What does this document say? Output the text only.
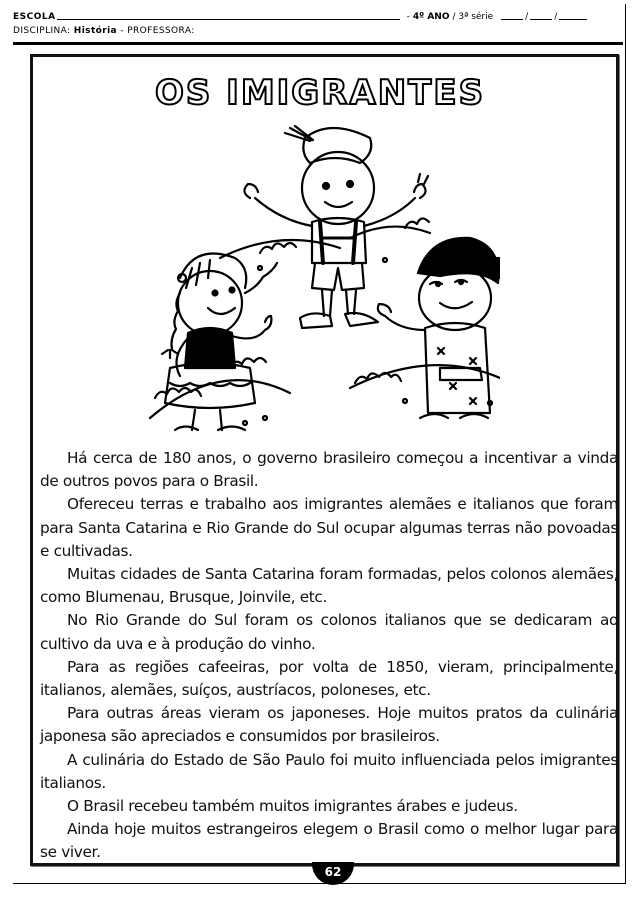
ESCOLA	- 4º ANO / 3ª série	/	/
DISCIPLINA: História - PROFESSORA:
OS IMIGRANTES

Há cerca de 180 anos, o governo brasileiro começou a incentivar a vinda de outros povos para o Brasil.

Ofereceu terras e trabalho aos imigrantes alemães e italianos que foram para Santa Catarina e Rio Grande do Sul ocupar algumas terras não povoadas e cultivadas.

Muitas cidades de Santa Catarina foram formadas, pelos colonos alemães, como Blumenau, Brusque, Joinvile, etc.

No Rio Grande do Sul foram os colonos italianos que se dedicaram ao cultivo da uva e à produção do vinho.

Para as regiões cafeeiras, por volta de 1850, vieram, principalmente, italianos, alemães, suíços, austríacos, poloneses, etc.

Para outras áreas vieram os japoneses. Hoje muitos pratos da culinária japonesa são apreciados e consumidos por brasileiros.

A culinária do Estado de São Paulo foi muito influenciada pelos imigrantes italianos.

O Brasil recebeu também muitos imigrantes árabes e judeus.

Ainda hoje muitos estrangeiros elegem o Brasil como o melhor lugar para se viver.

62
